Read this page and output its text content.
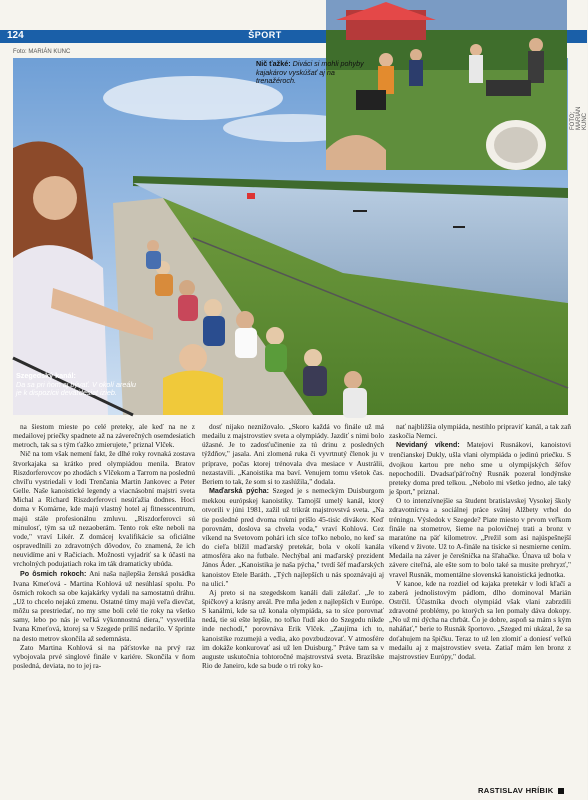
124	ŠPORT
Foto: MARIÁN KUNC
FOTO: MARIÁN KUNC
Nič ťažké: Diváci si mohli pohyby kajakárov vyskúšať aj na trenažéroch.
Szegedský kanál:
Da sa pri ňom aj bývať. V okolí areálu je k dispozícii deväťdesiat izieb.

na šiestom mieste po celé preteky, ale keď na ne z medailovej priečky spadnete až na záverečných osemdesiatich metroch, tak sa s tým ťažko zmierujete," priznal Vlček.

Nič na tom však nemení fakt, že dlhé roky rovnaká zostava štvorkajaka sa krátko pred olympiádou menila. Bratov Riszdorferovcov po zhodách s Vlčekom a Tarrom na poslednú chvíľu vystriedali v lodi Trenčania Martin Jankovec a Peter Gelle. Naše kanoistické legendy a viacnásobní majstri sveta Michal a Richard Riszdorferovci nesúťažia dodnes. Hoci doma v Komárne, kde majú vlastný hotel aj fitnesscentrum, majú stále profesionálnu zmluvu. „Riszdorferovci sú minulosť, tým sa už nezaoberám. Tento rok ešte neboli na vode," vraví Likér. Z domácej kvalifikácie sa oficiálne ospravedlnili zo zdravotných dôvodov, čo znamená, že ich neuvidíme ani v Račiciach. Možnosti vyjadriť sa k účasti na vrcholných podujatiach roka im ták dramaticky ubúda.

Po ôsmich rokoch: Ani naša najlepšia ženská posádka Ivana Kmeťová - Martina Kohlová už nesúhlasí spolu. Po ôsmich rokoch sa obe kajakárky vydali na samostatnú dráhu. „Už to chcelo nejakú zmenu. Ostatné tímy majú veľa dievčat, môžu sa prestriedať, no my sme boli celé tie roky na všetko samy, lebo po nás je veľká výkonnostná diera," vysvetlila Ivana Kmeťová, ktorej sa v Szegede príliš nedarilo. V šprinte na desto metrov skončila až sedemnásta.

Zato Martina Kohlová si na päťstovke na prvý raz vybojovala prvé singlové finále v kariére. Skončila v ňom posledná, deviata, no to jej ra-

dosť nijako neznižovalo. „Skoro každá vo finále už má medailu z majstrovstiev sveta a olympiády. Jazdiť s nimi bolo úžasné. Je to zadosťučinenie za tú drinu z posledných týždňov," jasala. Ani zlomená ruka či vyvrtnutý členok ju v príprave, počas ktorej trénovala dva mesiace v Austrálii, nezastavili. „Kanoistika ma baví. Venujem tomu všetok čas. Beriem to tak, že som si to zaslúžila," dodala.

Maďarská pýcha: Szeged je s nemeckým Duisburgom mekkou európskej kanoistiky. Tamojší umelý kanál, ktorý otvorili v júni 1981, zažil už trikrát majstrovstvá sveta. „Na tie posledné pred dvoma rokmi prišlo 45-tisíc divákov. Keď porovnám, doslova sa chvela voda," vraví Kohlová. Cez víkend na Svetovom pohári ich síce toľko nebolo, no keď sa do cieľa blížil maďarský pretekár, bola v okolí kanála atmosféra ako na futbale. Nechýbal ani maďarský prezident János Áder. „Kanoistika je naša pýcha," tvrdí šéf maďarských kanoistov Etele Baráth. „Tých najlepších u nás spoznávajú aj na ulici."

Aj preto si na szegedskom kanáli dali záležať. „Je to špičkový a krásny areál. Pre mňa jeden z najlepších v Európe. S kanálmi, kde sa už konala olympiáda, sa to síce porovnať nedá, tie sú ešte lepšie, no toľko ľudí ako do Szegedu nikde inde nechodí," porovnáva Erik Vlček. „Zaujíma ich to, kanoistike rozumejú a vedia, ako povzbudzovať. V atmosfére im dokáže konkurovať asi už len Duisburg." Práve tam sa v auguste uskutočnia tohtoročné majstrovstvá sveta. Brazílske Rio de Janeiro, kde sa bude o tri roky ko-

nať najbližšia olympiáda, nestihlo pripraviť kanál, a tak zaň zaskočia Nemci.

Nevidaný víkend: Matejovi Rusnákovi, kanoistovi trenčianskej Dukly, ušla vlani olympiáda o jedinú priečku. S dvojkou kartou pre neho sme u olympijských šéfov nepochodili. Dvadsaťpäťročný Rusnák pozeral londýnske preteky doma pred telkou. „Nebolo mi všetko jedno, ale taký je šport," priznal.

O to intenzívnejšie sa študent bratislavskej Vysokej školy zdravotníctva a sociálnej práce svätej Alžbety vrhol do tréningu. Výsledok v Szegede? Piate miesto v prvom veľkom finále na stometrov, šieme na polovičnej trati a bronz v maratóne na päť kilometrov. „Prežil som asi najúspešnejší víkend v živote. Už to A-finále na tisícke si nesmierne cením. Medaila na záver je čerešnička na šľahačke. Únava už bola v závere citeľná, ale ešte som to bolo také sa musite prehryzť," vravel Rusnák, momentálne slovenská kanoistická jednotka.

V kanoe, kde na rozdiel od kajaka pretekár v lodi kľačí a zaberá jednolistovým pádlom, dlho dominoval Marián Ostrčil. Účastníka dvoch olympiád však vlani zabrzdili zdravotné problémy, po ktorých sa len pomaly dáva dokopy. „No už mi dýcha na chrbát. Čo je dobre, aspoň sa mám s kým naháňať," berie to Rusnák športovo. „Szeged mi ukázal, že sa doťahujem na špičku. Teraz to už len zlomiť a doniesť veľkú medailu aj z majstrovstiev sveta. Zatiaľ mám len bronz z majstrovstiev Európy," dodal.

RASTISLAV HRÍBIK
